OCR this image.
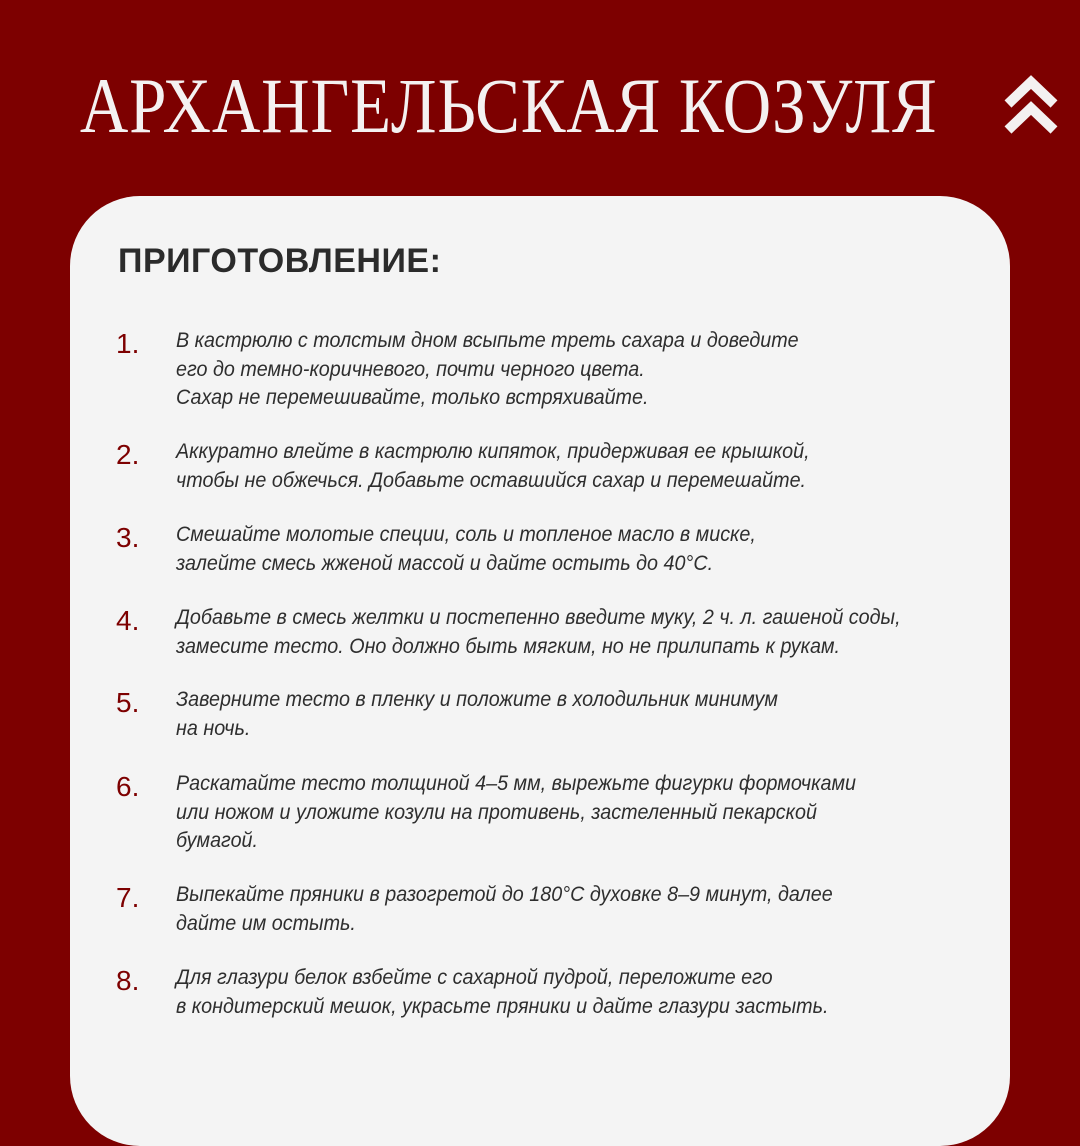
АРХАНГЕЛЬСКАЯ КОЗУЛЯ
ПРИГОТОВЛЕНИЕ:
1.	В кастрюлю с толстым дном всыпьте треть сахара и доведите
его до темно-коричневого, почти черного цвета.
Сахар не перемешивайте, только встряхивайте.
2.	Аккуратно влейте в кастрюлю кипяток, придерживая ее крышкой,
чтобы не обжечься. Добавьте оставшийся сахар и перемешайте.
3.	Смешайте молотые специи, соль и топленое масло в миске,
залейте смесь жженой массой и дайте остыть до 40°С.
4.	Добавьте в смесь желтки и постепенно введите муку, 2 ч. л. гашеной соды,
замесите тесто. Оно должно быть мягким, но не прилипать к рукам.
5.	Заверните тесто в пленку и положите в холодильник минимум
на ночь.
6.	Раскатайте тесто толщиной 4–5 мм, вырежьте фигурки формочками
или ножом и уложите козули на противень, застеленный пекарской
бумагой.
7.	Выпекайте пряники в разогретой до 180°С духовке 8–9 минут, далее
дайте им остыть.
8.	Для глазури белок взбейте с сахарной пудрой, переложите его
в кондитерский мешок, украсьте пряники и дайте глазури застыть.
